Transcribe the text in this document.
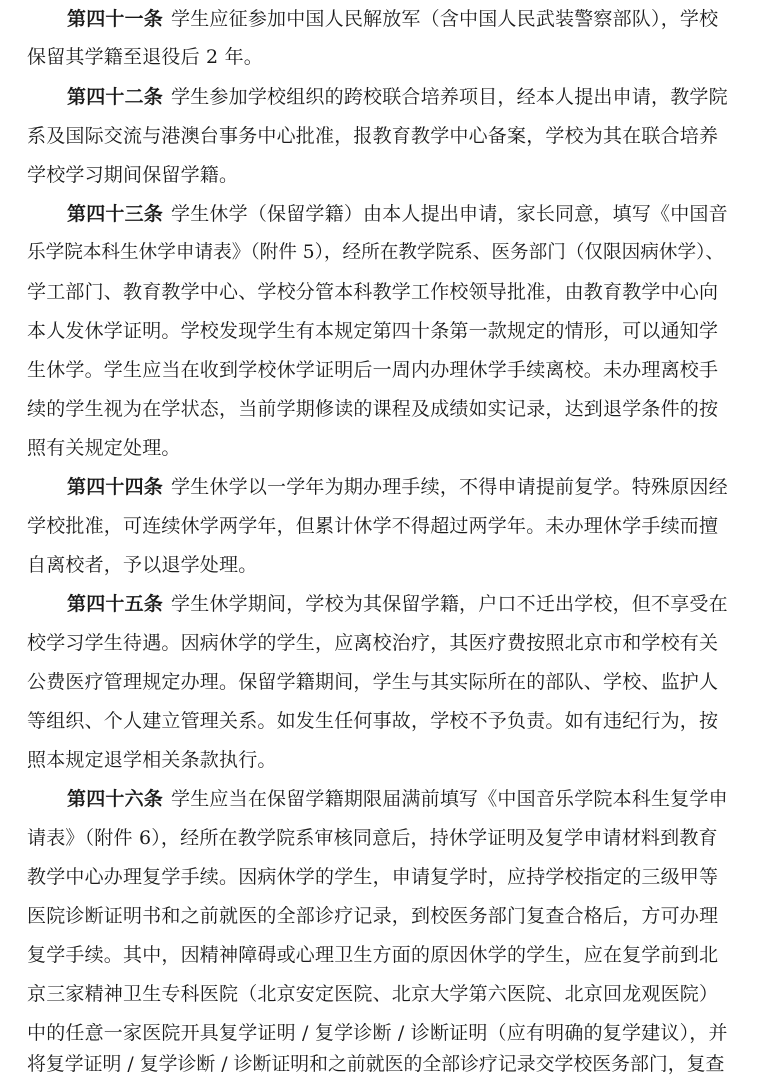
第四十一条 学生应征参加中国人民解放军（含中国人民武装警察部队），学校
保留其学籍至退役后 2 年。
第四十二条 学生参加学校组织的跨校联合培养项目，经本人提出申请，教学院
系及国际交流与港澳台事务中心批准，报教育教学中心备案，学校为其在联合培养
学校学习期间保留学籍。
第四十三条 学生休学（保留学籍）由本人提出申请，家长同意，填写《中国音
乐学院本科生休学申请表》（附件 5），经所在教学院系、医务部门（仅限因病休学）、
学工部门、教育教学中心、学校分管本科教学工作校领导批准，由教育教学中心向
本人发休学证明。学校发现学生有本规定第四十条第一款规定的情形，可以通知学
生休学。学生应当在收到学校休学证明后一周内办理休学手续离校。未办理离校手
续的学生视为在学状态，当前学期修读的课程及成绩如实记录，达到退学条件的按
照有关规定处理。
第四十四条 学生休学以一学年为期办理手续，不得申请提前复学。特殊原因经
学校批准，可连续休学两学年，但累计休学不得超过两学年。未办理休学手续而擅
自离校者，予以退学处理。
第四十五条 学生休学期间，学校为其保留学籍，户口不迁出学校，但不享受在
校学习学生待遇。因病休学的学生，应离校治疗，其医疗费按照北京市和学校有关
公费医疗管理规定办理。保留学籍期间，学生与其实际所在的部队、学校、监护人
等组织、个人建立管理关系。如发生任何事故，学校不予负责。如有违纪行为，按
照本规定退学相关条款执行。
第四十六条 学生应当在保留学籍期限届满前填写《中国音乐学院本科生复学申
请表》（附件 6），经所在教学院系审核同意后，持休学证明及复学申请材料到教育
教学中心办理复学手续。因病休学的学生，申请复学时，应持学校指定的三级甲等
医院诊断证明书和之前就医的全部诊疗记录，到校医务部门复查合格后，方可办理
复学手续。其中，因精神障碍或心理卫生方面的原因休学的学生，应在复学前到北
京三家精神卫生专科医院（北京安定医院、北京大学第六医院、北京回龙观医院）
中的任意一家医院开具复学证明 / 复学诊断 / 诊断证明（应有明确的复学建议），并
将复学证明 / 复学诊断 / 诊断证明和之前就医的全部诊疗记录交学校医务部门，复查
